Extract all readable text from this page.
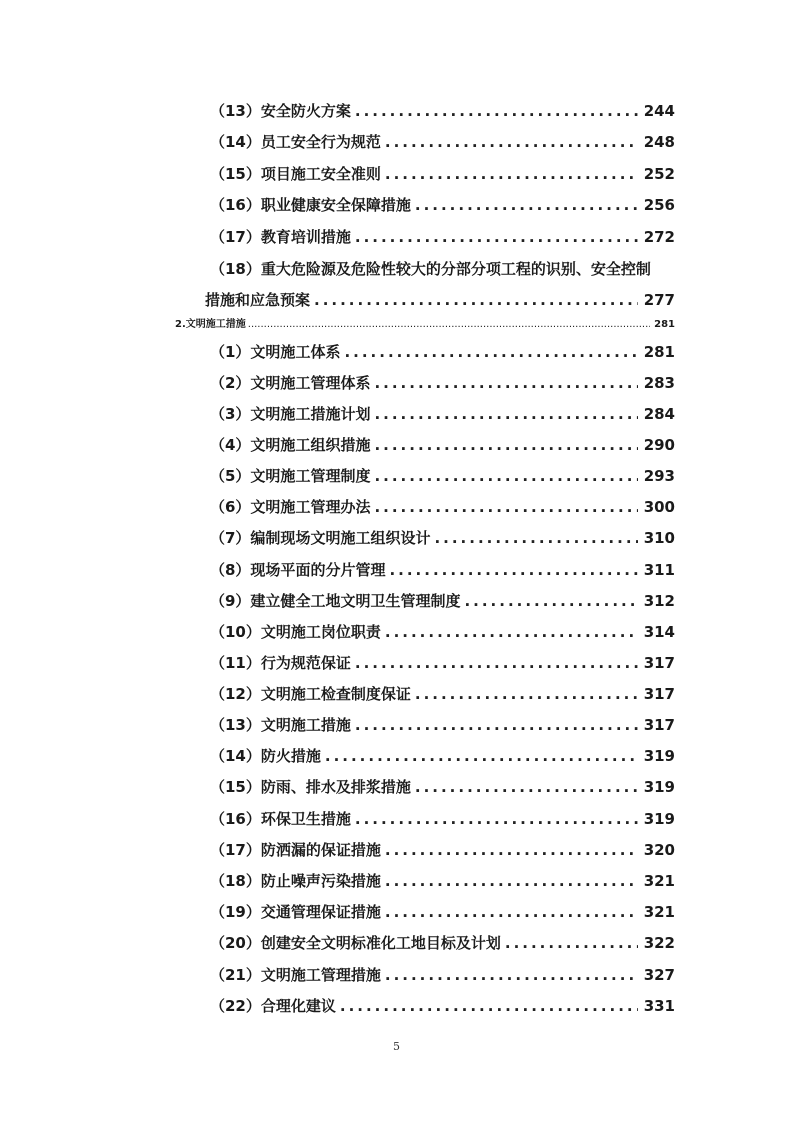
（13）安全防火方案 .....	244
（14）员工安全行为规范 .....	248
（15）项目施工安全准则 .....	252
（16）职业健康安全保障措施 .....	256
（17）教育培训措施 .....	272
（18）重大危险源及危险性较大的分部分项工程的识别、安全控制
措施和应急预案 .....	277
2.文明施工措施 .....	281
（1）文明施工体系 .....	281
（2）文明施工管理体系 .....	283
（3）文明施工措施计划 .....	284
（4）文明施工组织措施 .....	290
（5）文明施工管理制度 .....	293
（6）文明施工管理办法 .....	300
（7）编制现场文明施工组织设计 .....	310
（8）现场平面的分片管理 .....	311
（9）建立健全工地文明卫生管理制度 .....	312
（10）文明施工岗位职责 .....	314
（11）行为规范保证 .....	317
（12）文明施工检查制度保证 .....	317
（13）文明施工措施 .....	317
（14）防火措施 .....	319
（15）防雨、排水及排浆措施 .....	319
（16）环保卫生措施 .....	319
（17）防洒漏的保证措施 .....	320
（18）防止噪声污染措施 .....	321
（19）交通管理保证措施 .....	321
（20）创建安全文明标准化工地目标及计划 .....	322
（21）文明施工管理措施 .....	327
（22）合理化建议 .....	331
5
